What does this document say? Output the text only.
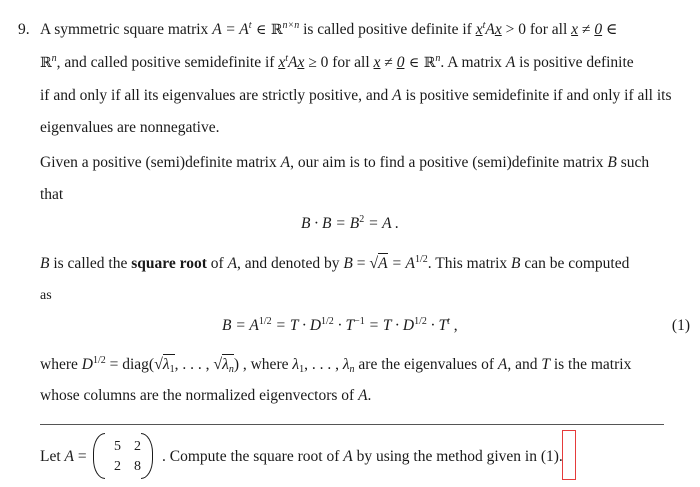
9. A symmetric square matrix $A = A^t$ ∈ ℝ$^{n\times n}$ is called positive definite if $x^tAx > 0$ for all x ≠ 0 ∈
ℝ$^n$, and called positive semidefinite if $x^tAx \ge 0$ for all x ≠ 0 ∈ ℝ$^n$. A matrix A is positive definite
if and only if all its eigenvalues are strictly positive, and A is positive semidefinite if and only if all its
eigenvalues are nonnegative.
Given a positive (semi)definite matrix A, our aim is to find a positive (semi)definite matrix B such
that
$B \cdot B = B^2 = A$ .
B is called the square root of A, and denoted by $B = √A = A^{1/2}$. This matrix B can be computed
as
$B = A^{1/2} = T \cdot D^{1/2} \cdot T^{-1} = T \cdot D^{1/2} \cdot T^t$ ,	(1)
where $D^{1/2}$ = $diag(√\lambda_1$, . . . , $√\lambda_n$) , where $\lambda_1$, . . . , $\lambda_n$ are the eigenvalues of A, and T is the matrix
whose columns are the normalized eigenvectors of A.
Let A =
5 2
2 8
. Compute the square root of A by using the method given in (1).
